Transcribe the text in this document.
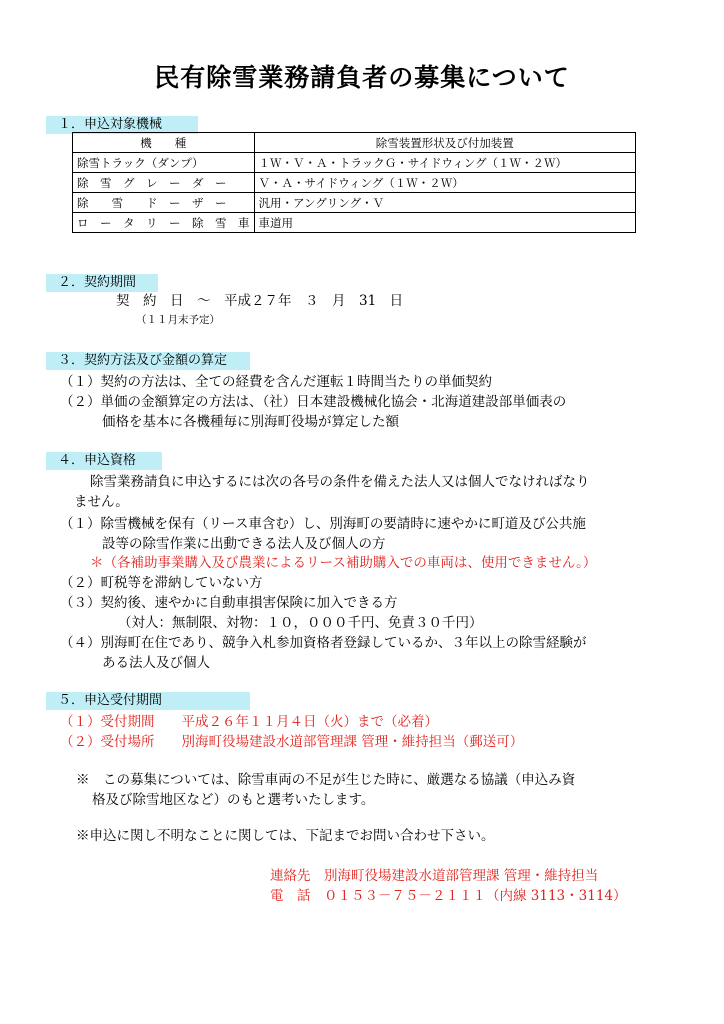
民有除雪業務請負者の募集について
１．申込対象機械
機　　種	除雪装置形状及び付加装置
除雪トラック（ダンプ）	１Ｗ・Ｖ・Ａ・トラックＧ・サイドウィング（１Ｗ・２Ｗ）
除　雪　グ　レ　ー　ダ　ー	Ｖ・Ａ・サイドウィング（１Ｗ・２Ｗ）
除　　雪　　ド　ー　ザ　ー	汎用・アングリング・Ｖ
ロ　ー　タ　リ　ー　除　雪　車	車道用
２．契約期間
契　約　日　～　平成２７年　３　月　31　日
（１１月末予定）
３．契約方法及び金額の算定
（１）契約の方法は、全ての経費を含んだ運転１時間当たりの単価契約
（２）単価の金額算定の方法は、（社）日本建設機械化協会・北海道建設部単価表の
価格を基本に各機種毎に別海町役場が算定した額
４．申込資格
除雪業務請負に申込するには次の各号の条件を備えた法人又は個人でなければなり
ません。
（１）除雪機械を保有（リース車含む）し、別海町の要請時に速やかに町道及び公共施
設等の除雪作業に出動できる法人及び個人の方
＊（各補助事業購入及び農業によるリース補助購入での車両は、使用できません。）
（２）町税等を滞納していない方
（３）契約後、速やかに自動車損害保険に加入できる方
（対人：無制限、対物：１０，０００千円、免責３０千円）
（４）別海町在住であり、競争入札参加資格者登録しているか、３年以上の除雪経験が
ある法人及び個人
５．申込受付期間
（１）受付期間　　平成２６年１１月４日（火）まで（必着）
（２）受付場所　　別海町役場建設水道部管理課 管理・維持担当（郵送可）
※　この募集については、除雪車両の不足が生じた時に、厳選なる協議（申込み資
格及び除雪地区など）のもと選考いたします。
※申込に関し不明なことに関しては、下記までお問い合わせ下さい。
連絡先　別海町役場建設水道部管理課 管理・維持担当
電　話　０１５３－７５－２１１１（内線 3113・3114）
